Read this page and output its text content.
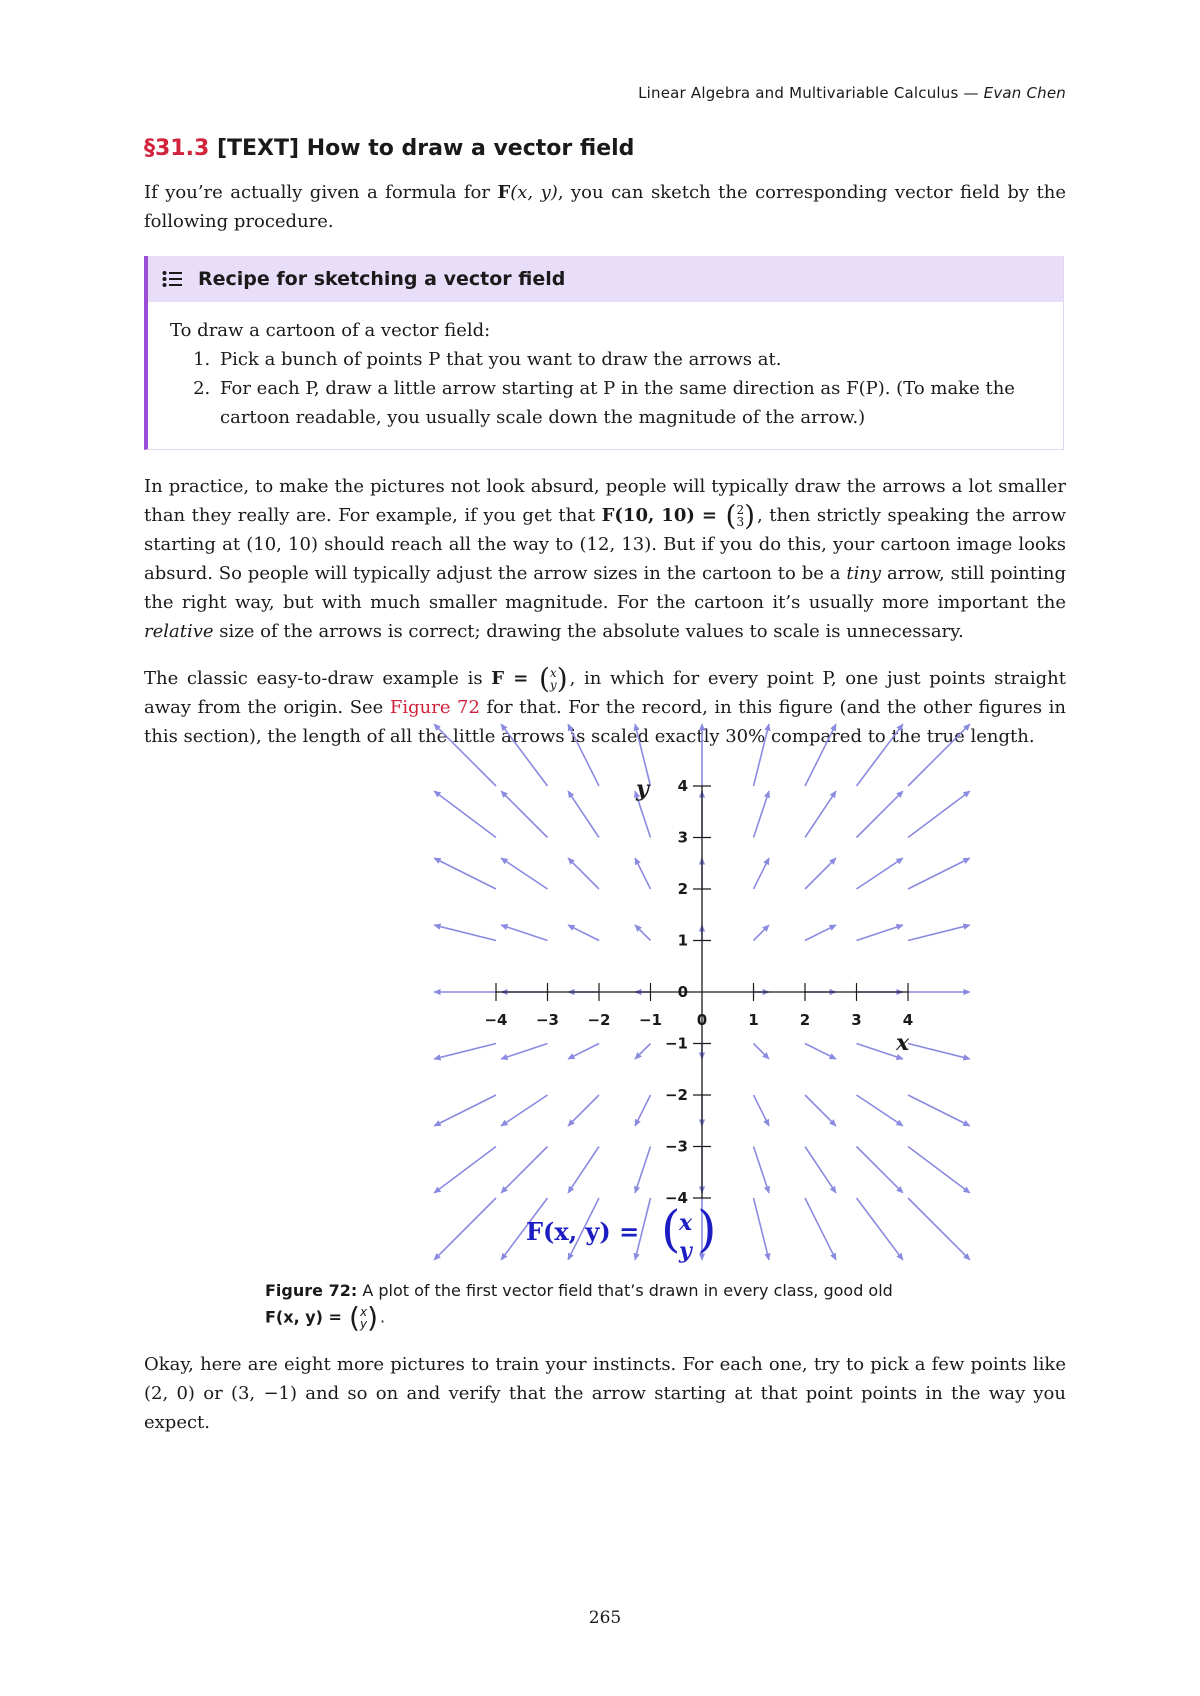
Linear Algebra and Multivariable Calculus — Evan Chen
§31.3 [TEXT] How to draw a vector field

If you’re actually given a formula for F(x, y), you can sketch the corresponding vector field by the following procedure.

Recipe for sketching a vector field
To draw a cartoon of a vector field:
1. Pick a bunch of points P that you want to draw the arrows at.
2. For each P, draw a little arrow starting at P in the same direction as F(P). (To make the cartoon readable, you usually scale down the magnitude of the arrow.)

In practice, to make the pictures not look absurd, people will typically draw the arrows a lot smaller than they really are. For example, if you get that F(10, 10) = ( 2
3 ) , then strictly speaking the arrow starting at (10, 10) should reach all the way to (12, 13). But if you do this, your cartoon image looks absurd. So people will typically adjust the arrow sizes in the cartoon to be a tiny arrow, still pointing the right way, but with much smaller magnitude. For the cartoon it’s usually more important the relative size of the arrows is correct; drawing the absolute values to scale is unnecessary.

The classic easy-to-draw example is F = ( x
y ) , in which for every point P, one just points straight away from the origin. See Figure 72 for that. For the record, in this figure (and the other figures in this section), the length of all the little arrows is scaled exactly 30% compared to the true length.

−4 −3 −2 −1 0	1	2	3	4
−4
−3
−2
−1
0
1
2
3
4
y
x
F(x, y) = (
x
y )
Figure 72: A plot of the first vector field that’s drawn in every class, good old
F(x, y) = ( x
y ) .

Okay, here are eight more pictures to train your instincts. For each one, try to pick a few points like (2, 0) or (3, −1) and so on and verify that the arrow starting at that point points in the way you expect.

265
